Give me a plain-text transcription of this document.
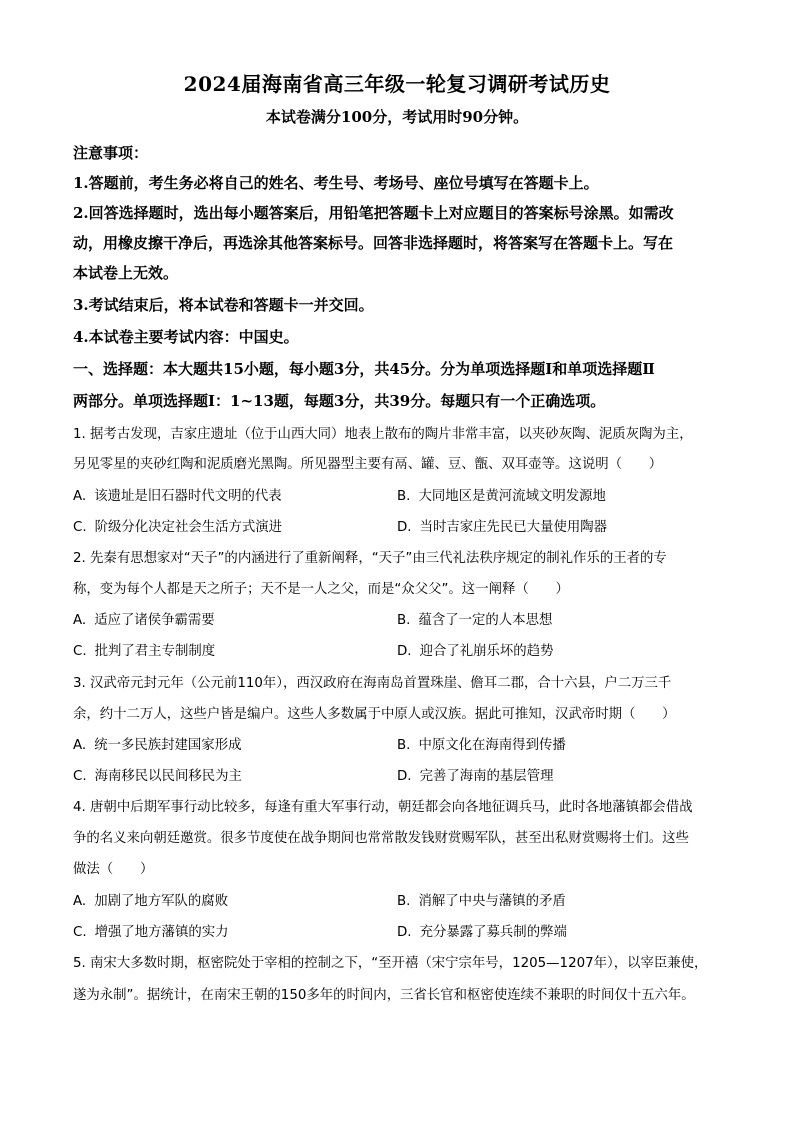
2024届海南省高三年级一轮复习调研考试历史
本试卷满分100分，考试用时90分钟。
注意事项：
1.答题前，考生务必将自己的姓名、考生号、考场号、座位号填写在答题卡上。
2.回答选择题时，选出每小题答案后，用铅笔把答题卡上对应题目的答案标号涂黑。如需改
动，用橡皮擦干净后，再选涂其他答案标号。回答非选择题时，将答案写在答题卡上。写在
本试卷上无效。
3.考试结束后，将本试卷和答题卡一并交回。
4.本试卷主要考试内容：中国史。
一、选择题：本大题共15小题，每小题3分，共45分。分为单项选择题Ⅰ和单项选择题Ⅱ
两部分。单项选择题Ⅰ：1~13题，每题3分，共39分。每题只有一个正确选项。
1. 据考古发现，吉家庄遗址（位于山西大同）地表上散布的陶片非常丰富，以夹砂灰陶、泥质灰陶为主，
另见零星的夹砂红陶和泥质磨光黑陶。所见器型主要有鬲、罐、豆、甑、双耳壶等。这说明（　　）
A. 该遗址是旧石器时代文明的代表	B. 大同地区是黄河流域文明发源地
C. 阶级分化决定社会生活方式演进	D. 当时吉家庄先民已大量使用陶器
2. 先秦有思想家对“天子”的内涵进行了重新阐释，“天子”由三代礼法秩序规定的制礼作乐的王者的专
称，变为每个人都是天之所子；天不是一人之父，而是“众父父”。这一阐释（　　）
A. 适应了诸侯争霸需要	B. 蕴含了一定的人本思想
C. 批判了君主专制制度	D. 迎合了礼崩乐坏的趋势
3. 汉武帝元封元年（公元前110年），西汉政府在海南岛首置珠崖、儋耳二郡，合十六县，户二万三千
余，约十二万人，这些户皆是编户。这些人多数属于中原人或汉族。据此可推知，汉武帝时期（　　）
A. 统一多民族封建国家形成	B. 中原文化在海南得到传播
C. 海南移民以民间移民为主	D. 完善了海南的基层管理
4. 唐朝中后期军事行动比较多，每逢有重大军事行动，朝廷都会向各地征调兵马，此时各地藩镇都会借战
争的名义来向朝廷邀赏。很多节度使在战争期间也常常散发钱财赏赐军队，甚至出私财赏赐将士们。这些
做法（　　）
A. 加剧了地方军队的腐败	B. 消解了中央与藩镇的矛盾
C. 增强了地方藩镇的实力	D. 充分暴露了募兵制的弊端
5. 南宋大多数时期，枢密院处于宰相的控制之下，“至开禧（宋宁宗年号，1205—1207年），以宰臣兼使，
遂为永制”。据统计，在南宋王朝的150多年的时间内，三省长官和枢密使连续不兼职的时间仅十五六年。
